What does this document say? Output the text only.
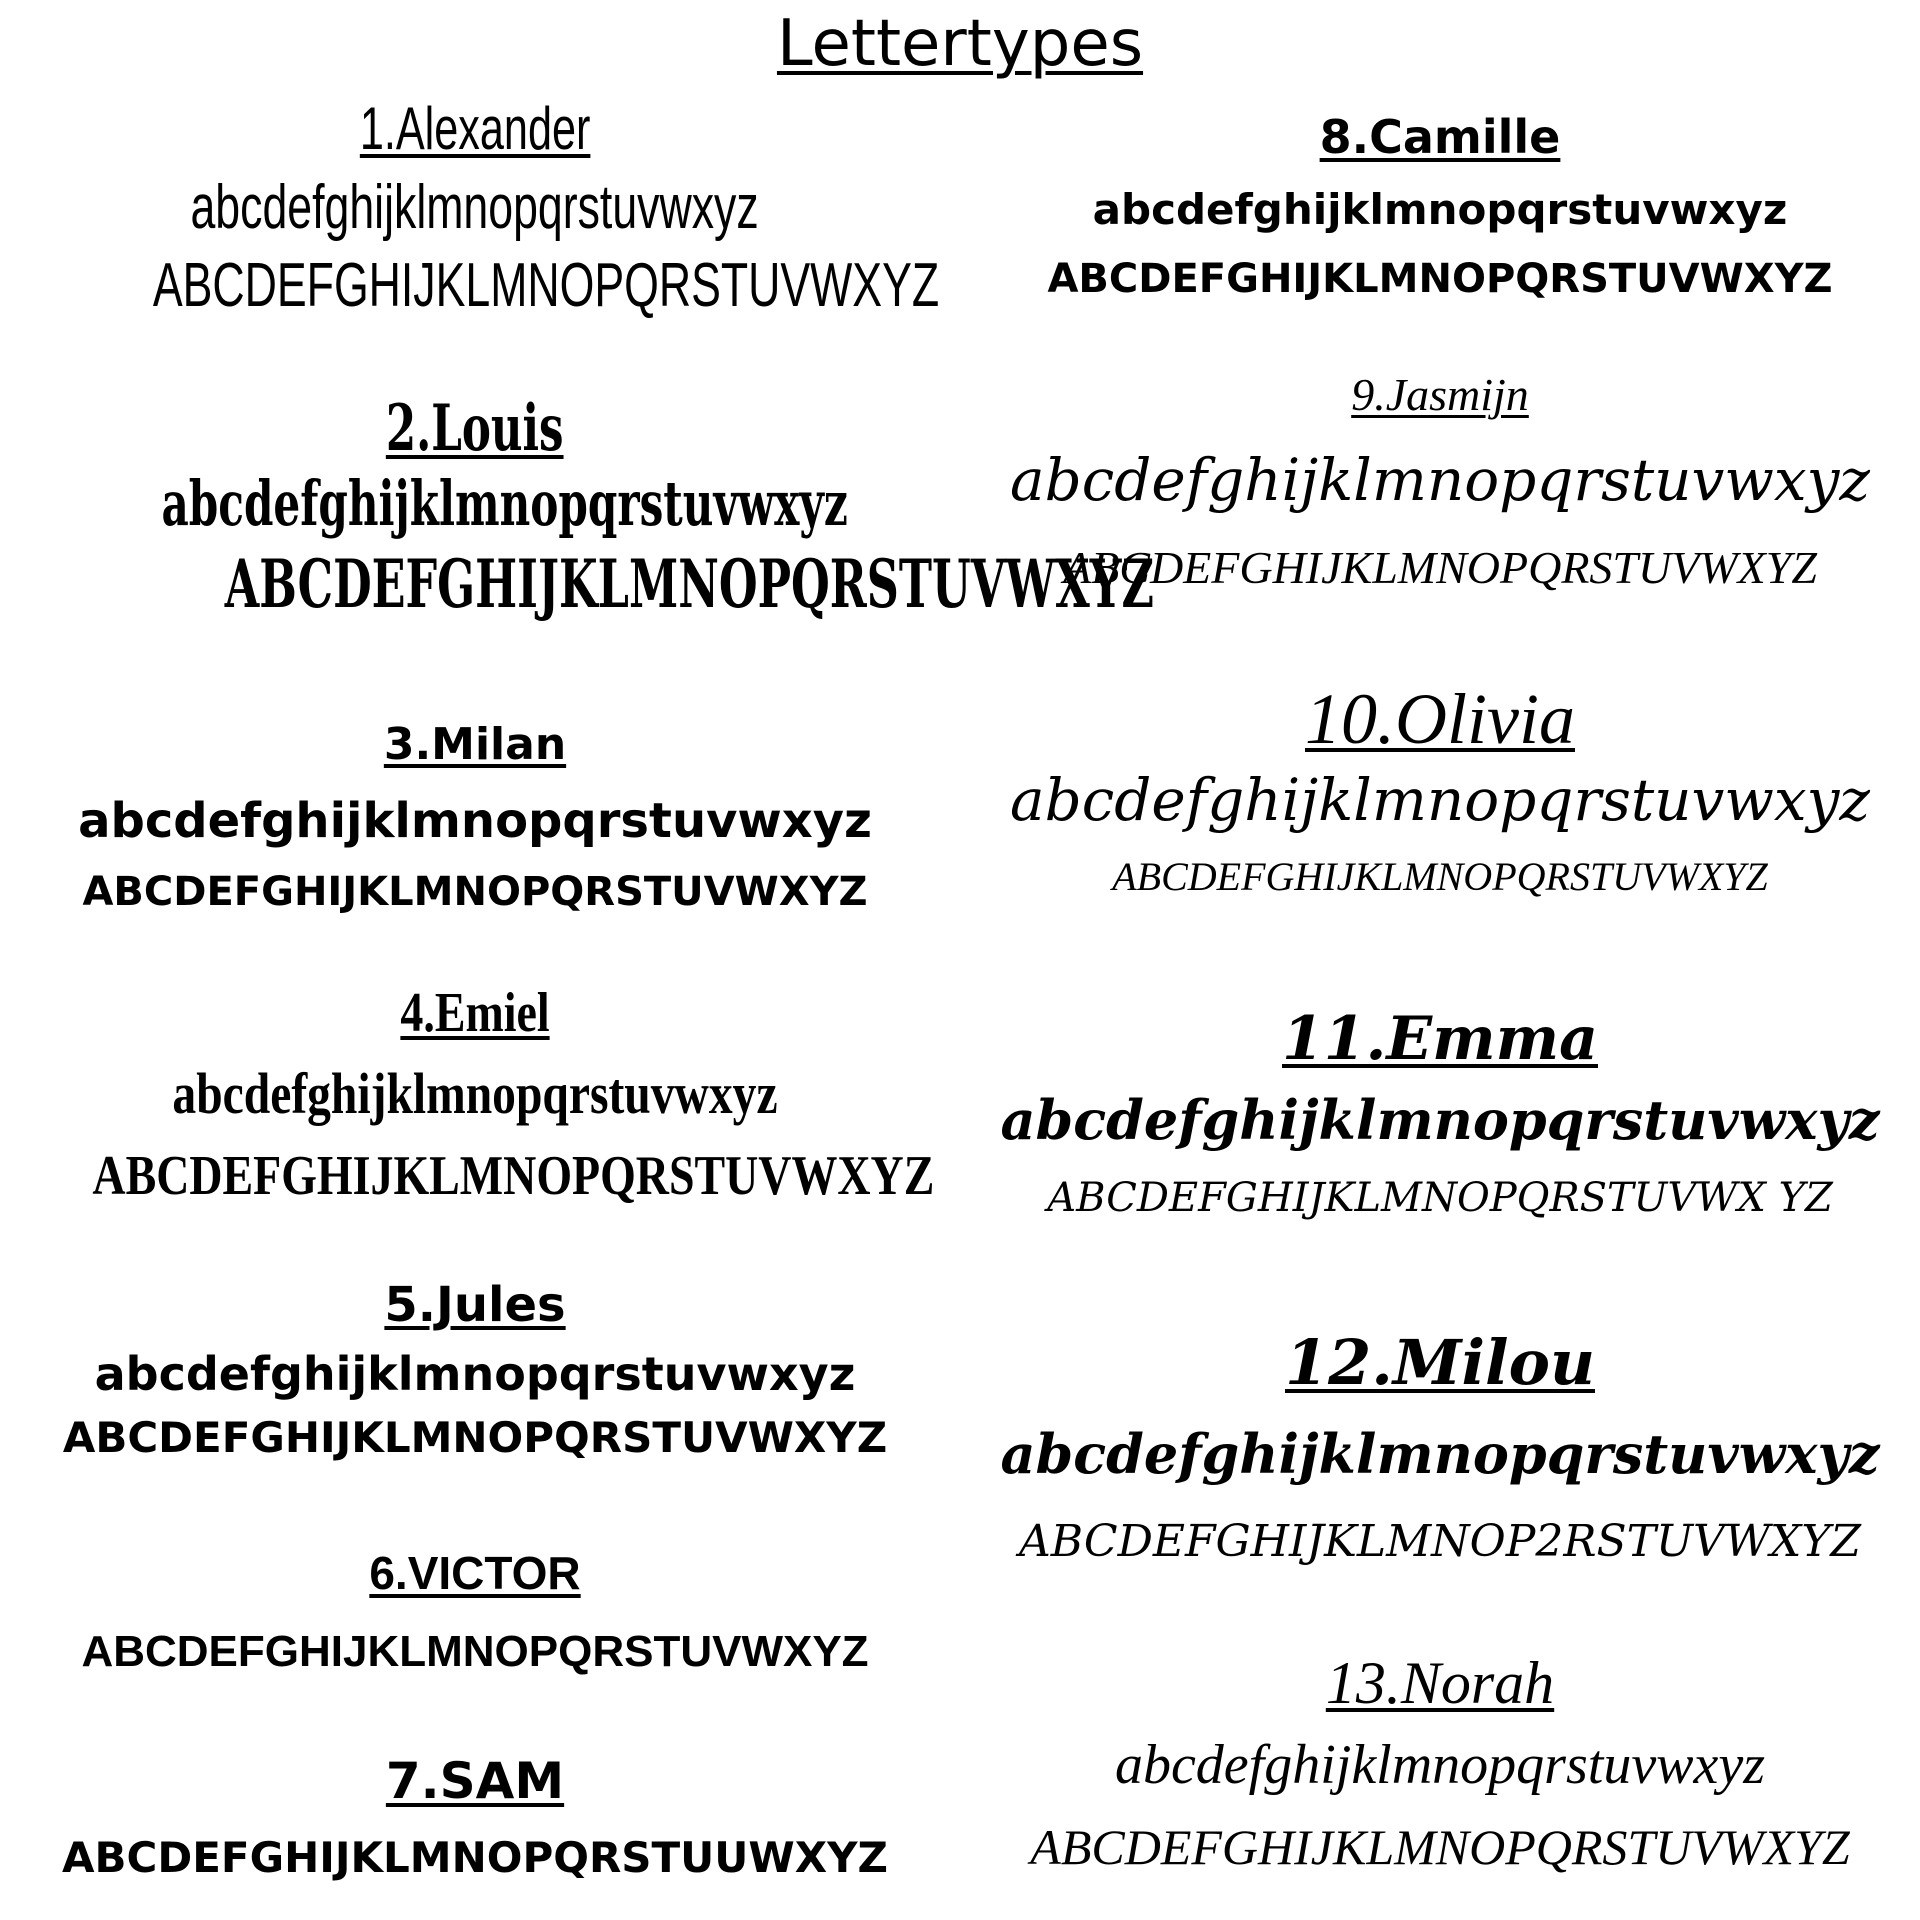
Lettertypes
1.Alexander
abcdefghijklmnopqrstuvwxyz
ABCDEFGHIJKLMNOPQRSTUVWXYZ
2.Louis
abcdefghijklmnopqrstuvwxyz
ABCDEFGHIJKLMNOPQRSTUVWXYZ
3.Milan
abcdefghijklmnopqrstuvwxyz
ABCDEFGHIJKLMNOPQRSTUVWXYZ
4.Emiel
abcdefghijklmnopqrstuvwxyz
ABCDEFGHIJKLMNOPQRSTUVWXYZ
5.Jules
abcdefghijklmnopqrstuvwxyz
ABCDEFGHIJKLMNOPQRSTUVWXYZ
6.VICTOR
ABCDEFGHIJKLMNOPQRSTUVWXYZ
7.SAM
ABCDEFGHIJKLMNOPQRSTUUWXYZ
8.Camille
abcdefghijklmnopqrstuvwxyz
ABCDEFGHIJKLMNOPQRSTUVWXYZ
9.Jasmijn
abcdefghijklmnopqrstuvwxyz
ABCDEFGHIJKLMNOPQRSTUVWXYZ
10.Olivia
abcdefghijklmnopqrstuvwxyz
ABCDEFGHIJKLMNOPQRSTUVWXYZ
11.Emma
abcdefghijklmnopqrstuvwxyz
ABCDEFGHIJKLMNOPQRSTUVWX YZ
12.Milou
abcdefghijklmnopqrstuvwxyz
ABCDEFGHIJKLMNOP2RSTUVWXYZ
13.Norah
abcdefghijklmnopqrstuvwxyz
ABCDEFGHIJKLMNOPQRSTUVWXYZ
